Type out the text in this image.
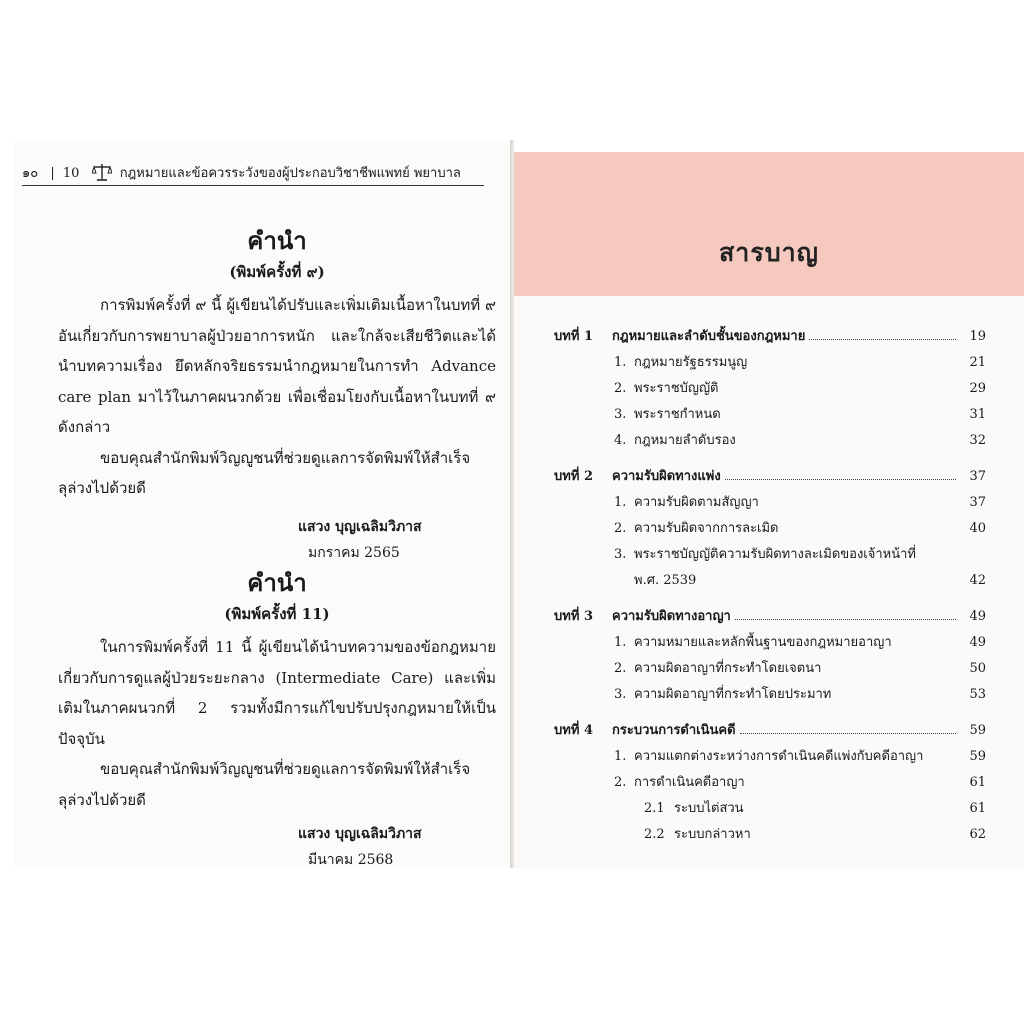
๑๐ | 10	กฎหมายและข้อควรระวังของผู้ประกอบวิชาชีพแพทย์ พยาบาล
คำนำ
(พิมพ์ครั้งที่ ๙)

การพิมพ์ครั้งที่ ๙ นี้ ผู้เขียนได้ปรับและเพิ่มเติมเนื้อหาในบทที่ ๙ อันเกี่ยวกับการพยาบาลผู้ป่วยอาการหนัก และใกล้จะเสียชีวิตและได้นำบทความเรื่อง ยึดหลักจริยธรรมนำกฎหมายในการทำ Advance care plan มาไว้ในภาคผนวกด้วย เพื่อเชื่อมโยงกับเนื้อหาในบทที่ ๙ ดังกล่าว

ขอบคุณสำนักพิมพ์วิญญูชนที่ช่วยดูแลการจัดพิมพ์ให้สำเร็จลุล่วงไปด้วยดี

แสวง บุญเฉลิมวิภาส
มกราคม 2565
คำนำ
(พิมพ์ครั้งที่ 11)

ในการพิมพ์ครั้งที่ 11 นี้ ผู้เขียนได้นำบทความของข้อกฎหมายเกี่ยวกับการดูแลผู้ป่วยระยะกลาง (Intermediate Care) และเพิ่มเติมในภาคผนวกที่ 2 รวมทั้งมีการแก้ไขปรับปรุงกฎหมายให้เป็นปัจจุบัน

ขอบคุณสำนักพิมพ์วิญญูชนที่ช่วยดูแลการจัดพิมพ์ให้สำเร็จลุล่วงไปด้วยดี

แสวง บุญเฉลิมวิภาส
มีนาคม 2568
สารบาญ
บทที่ 1	กฎหมายและลำดับชั้นของกฎหมาย	19
1. กฎหมายรัฐธรรมนูญ	21
2. พระราชบัญญัติ	29
3. พระราชกำหนด	31
4. กฎหมายลำดับรอง	32
บทที่ 2	ความรับผิดทางแพ่ง	37
1. ความรับผิดตามสัญญา	37
2. ความรับผิดจากการละเมิด	40
3. พระราชบัญญัติความรับผิดทางละเมิดของเจ้าหน้าที่
พ.ศ. 2539	42
บทที่ 3	ความรับผิดทางอาญา	49
1. ความหมายและหลักพื้นฐานของกฎหมายอาญา	49
2. ความผิดอาญาที่กระทำโดยเจตนา	50
3. ความผิดอาญาที่กระทำโดยประมาท	53
บทที่ 4	กระบวนการดำเนินคดี	59
1. ความแตกต่างระหว่างการดำเนินคดีแพ่งกับคดีอาญา	59
2. การดำเนินคดีอาญา	61
2.1 ระบบไต่สวน	61
2.2 ระบบกล่าวหา	62
